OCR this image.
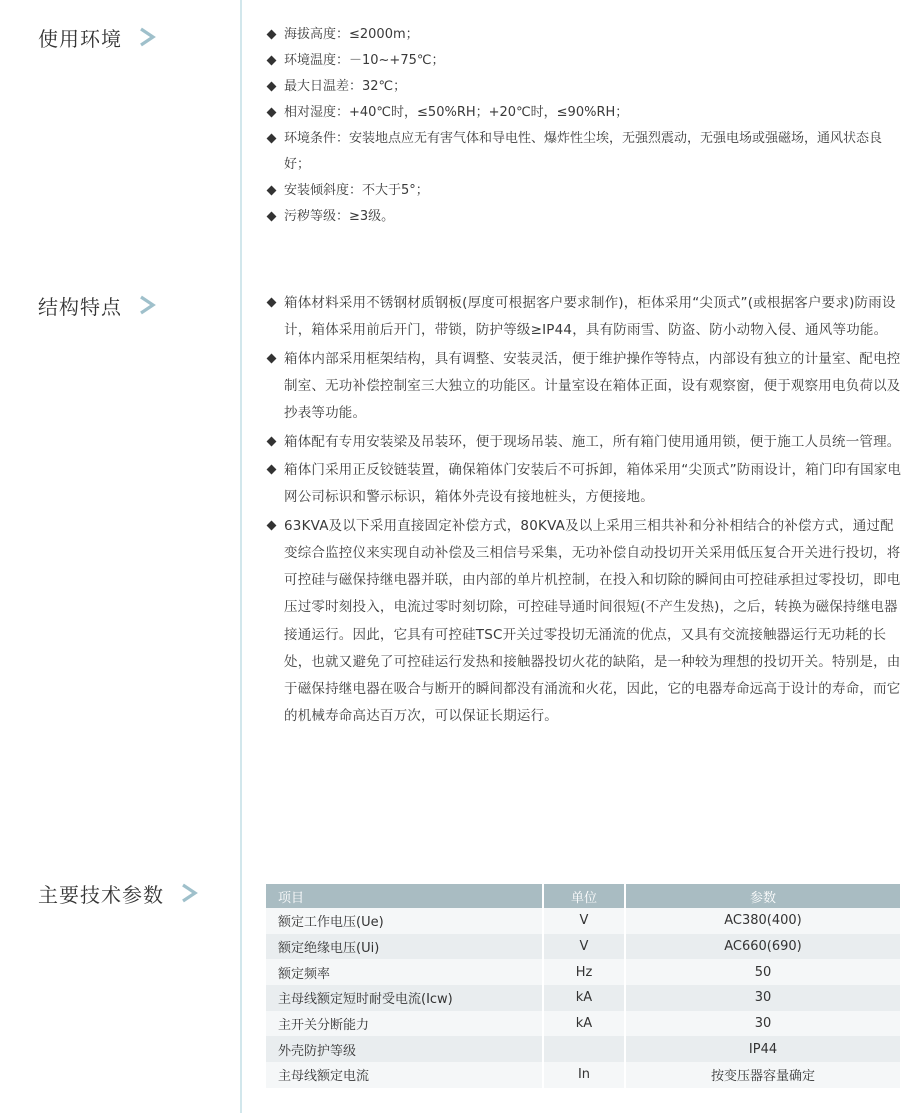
使用环境	海拔高度：≤2000m；
环境温度：－10~+75℃；
最大日温差：32℃；
相对湿度：+40℃时，≤50%RH；+20℃时，≤90%RH；
环境条件：安装地点应无有害气体和导电性、爆炸性尘埃，无强烈震动，无强电场或强磁场，通风状态良好；
安装倾斜度：不大于5°；
污秽等级：≥3级。
结构特点	箱体材料采用不锈钢材质钢板(厚度可根据客户要求制作)，柜体采用“尖顶式”(或根据客户要求)防雨设计，箱体采用前后开门，带锁，防护等级≥IP44，具有防雨雪、防盗、防小动物入侵、通风等功能。
箱体内部采用框架结构，具有调整、安装灵活，便于维护操作等特点，内部设有独立的计量室、配电控制室、无功补偿控制室三大独立的功能区。计量室设在箱体正面，设有观察窗，便于观察用电负荷以及抄表等功能。
箱体配有专用安装梁及吊装环，便于现场吊装、施工，所有箱门使用通用锁，便于施工人员统一管理。
箱体门采用正反铰链装置，确保箱体门安装后不可拆卸，箱体采用“尖顶式”防雨设计，箱门印有国家电网公司标识和警示标识，箱体外壳设有接地桩头，方便接地。
63KVA及以下采用直接固定补偿方式，80KVA及以上采用三相共补和分补相结合的补偿方式，通过配变综合监控仪来实现自动补偿及三相信号采集，无功补偿自动投切开关采用低压复合开关进行投切，将可控硅与磁保持继电器并联，由内部的单片机控制，在投入和切除的瞬间由可控硅承担过零投切，即电压过零时刻投入，电流过零时刻切除，可控硅导通时间很短(不产生发热)，之后，转换为磁保持继电器接通运行。因此，它具有可控硅TSC开关过零投切无涌流的优点，又具有交流接触器运行无功耗的长处，也就又避免了可控硅运行发热和接触器投切火花的缺陷，是一种较为理想的投切开关。特别是，由于磁保持继电器在吸合与断开的瞬间都没有涌流和火花，因此，它的电器寿命远高于设计的寿命，而它的机械寿命高达百万次，可以保证长期运行。
主要技术参数	项目	单位	参数
额定工作电压(Ue)	V	AC380(400)
额定绝缘电压(Ui)	V	AC660(690)
额定频率	Hz	50
主母线额定短时耐受电流(Icw)	kA	30
主开关分断能力	kA	30
外壳防护等级		IP44
主母线额定电流	In	按变压器容量确定
